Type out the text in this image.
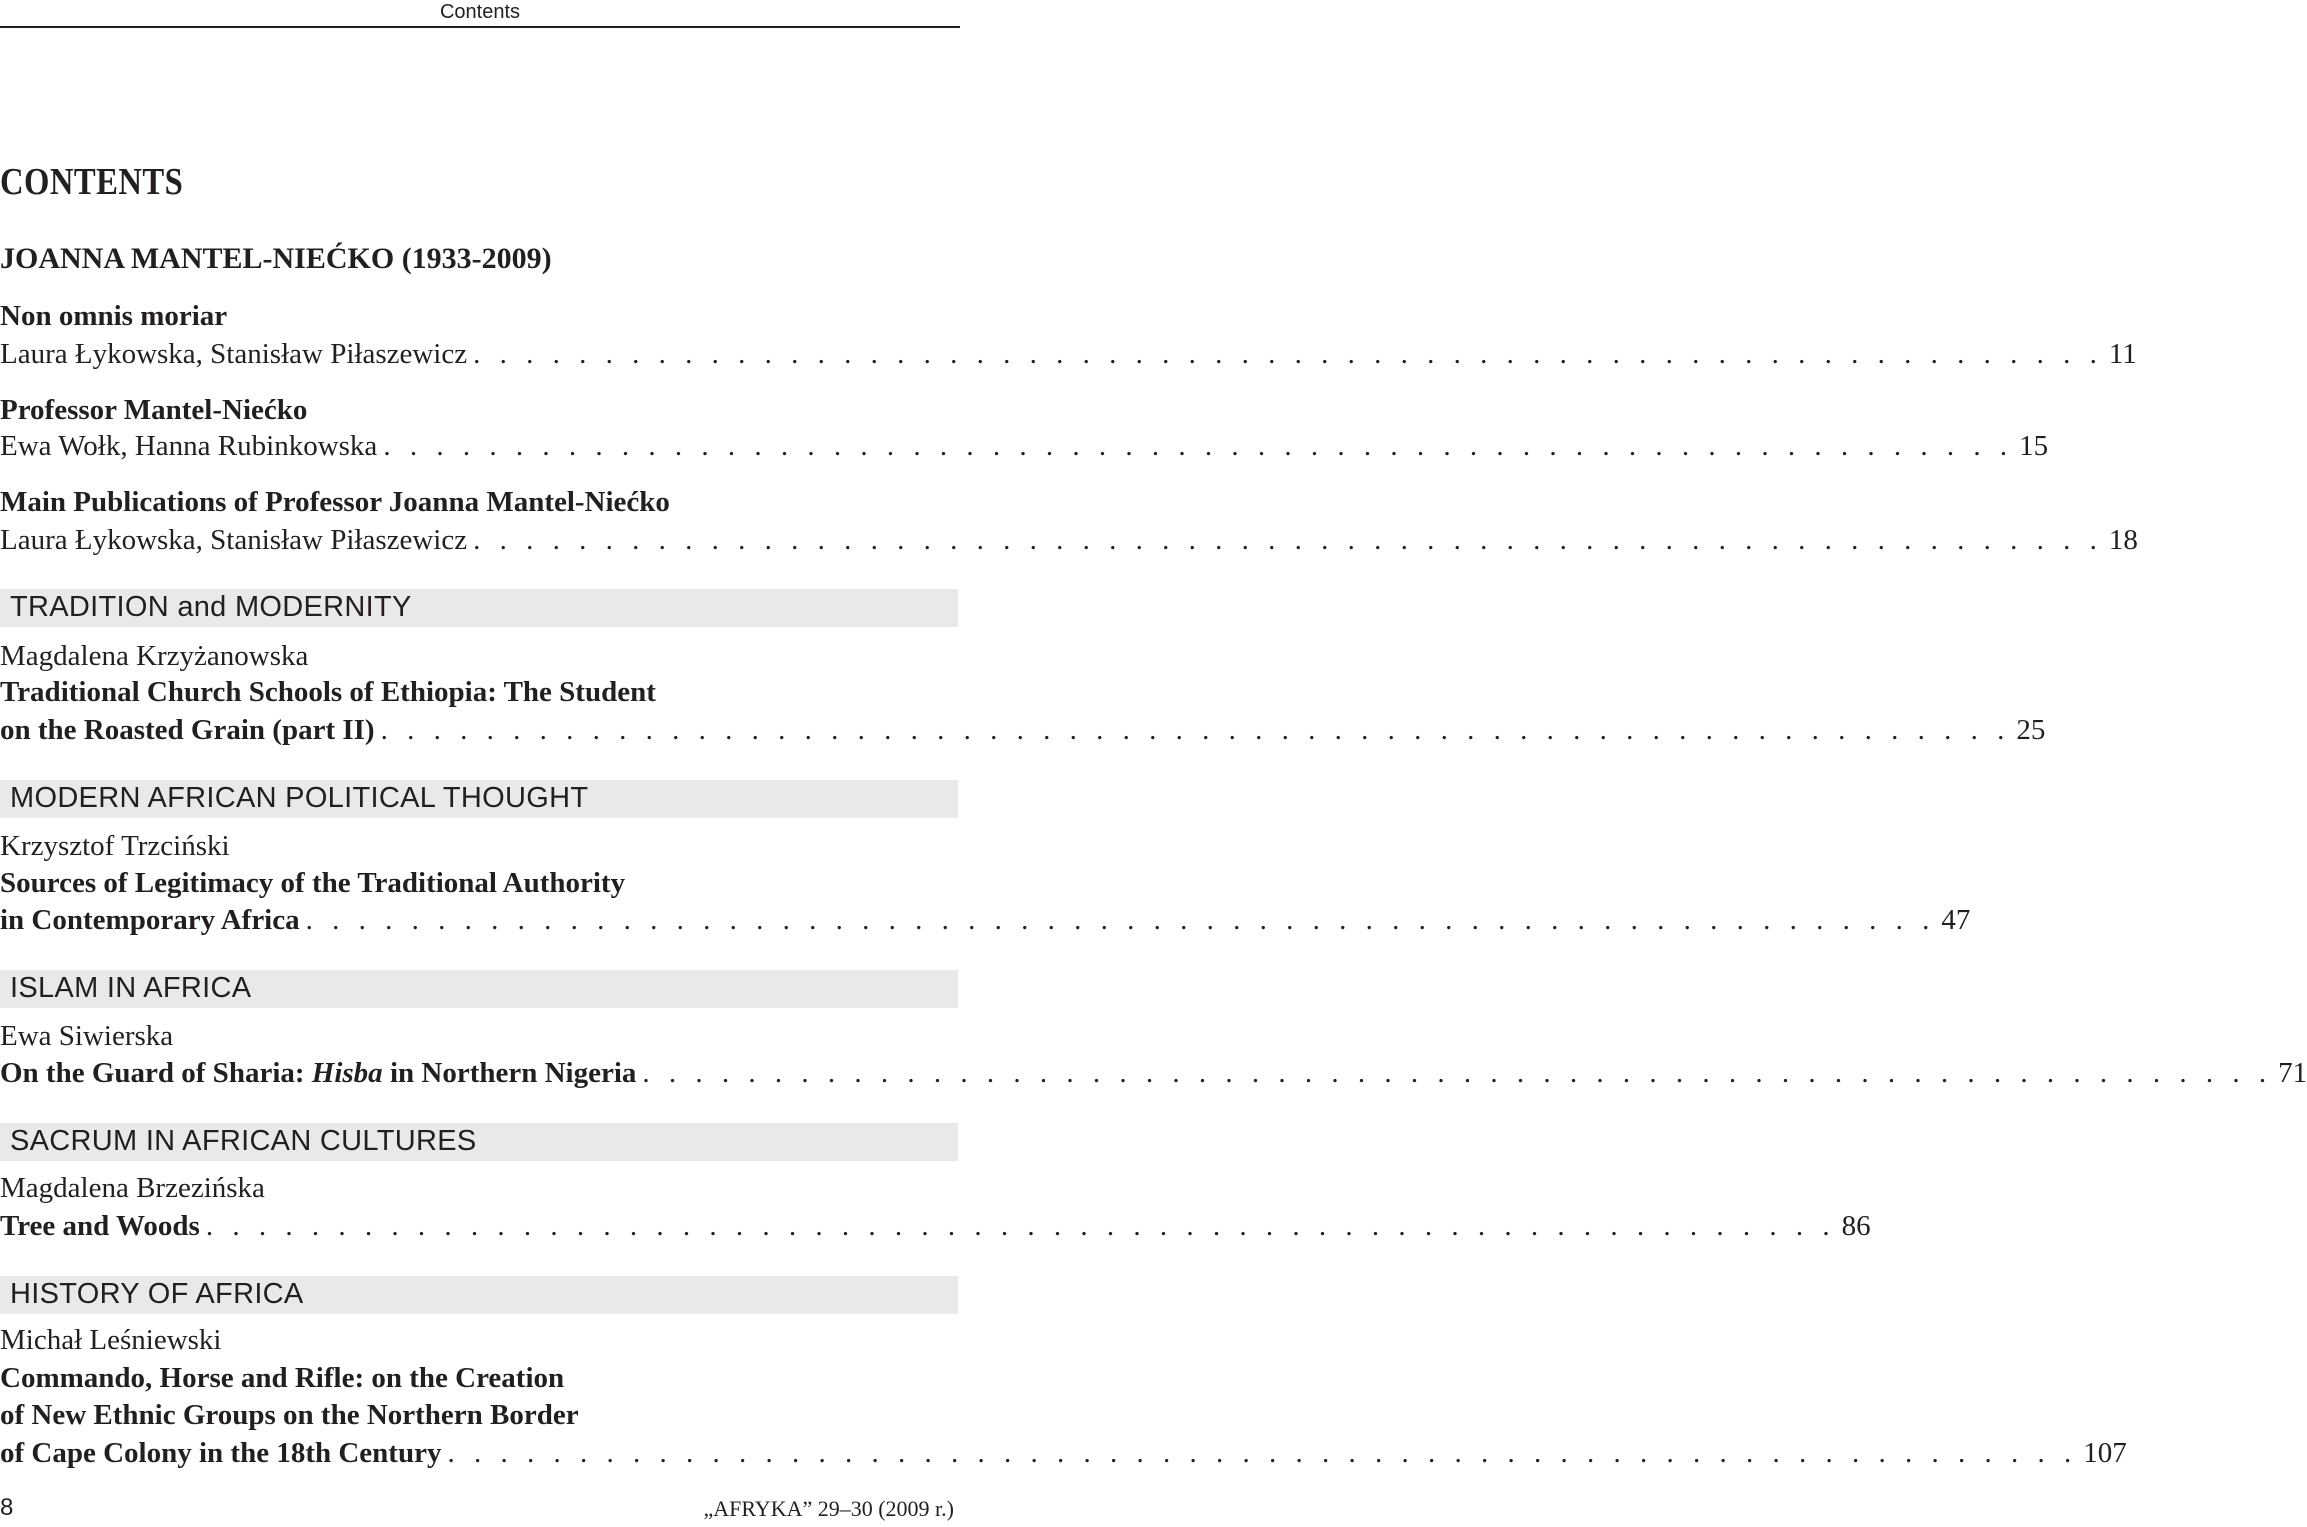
Contents
CONTENTS
JOANNA MANTEL-NIEĆKO (1933-2009)
Non omnis moriar
Laura Łykowska, Stanisław Piłaszewicz . . . . . . . . . . . . . . . . . . . . . . . . . . . . . . . . . . . . . . . . . . . . . . . . . . . . . . . . . . . . . . 11
Professor Mantel-Niećko
Ewa Wołk, Hanna Rubinkowska . . . . . . . . . . . . . . . . . . . . . . . . . . . . . . . . . . . . . . . . . . . . . . . . . . . . . . . . . . . . . . 15
Main Publications of Professor Joanna Mantel-Niećko
Laura Łykowska, Stanisław Piłaszewicz . . . . . . . . . . . . . . . . . . . . . . . . . . . . . . . . . . . . . . . . . . . . . . . . . . . . . . . . . . . . . . 18
TRADITION and MODERNITY
Magdalena Krzyżanowska
Traditional Church Schools of Ethiopia: The Student
on the Roasted Grain (part II) . . . . . . . . . . . . . . . . . . . . . . . . . . . . . . . . . . . . . . . . . . . . . . . . . . . . . . . . . . . . . . 25
MODERN AFRICAN POLITICAL THOUGHT
Krzysztof Trzciński
Sources of Legitimacy of the Traditional Authority
in Contemporary Africa . . . . . . . . . . . . . . . . . . . . . . . . . . . . . . . . . . . . . . . . . . . . . . . . . . . . . . . . . . . . . . 47
ISLAM IN AFRICA
Ewa Siwierska
On the Guard of Sharia: Hisba in Northern Nigeria . . . . . . . . . . . . . . . . . . . . . . . . . . . . . . . . . . . . . . . . . . . . . . . . . . . . . . . . . . . . . . 71
SACRUM IN AFRICAN CULTURES
Magdalena Brzezińska
Tree and Woods . . . . . . . . . . . . . . . . . . . . . . . . . . . . . . . . . . . . . . . . . . . . . . . . . . . . . . . . . . . . . . 86
HISTORY OF AFRICA
Michał Leśniewski
Commando, Horse and Rifle: on the Creation
of New Ethnic Groups on the Northern Border
of Cape Colony in the 18th Century . . . . . . . . . . . . . . . . . . . . . . . . . . . . . . . . . . . . . . . . . . . . . . . . . . . . . . . . . . . . . . 107
8	„AFRYKA” 29–30 (2009 r.)
